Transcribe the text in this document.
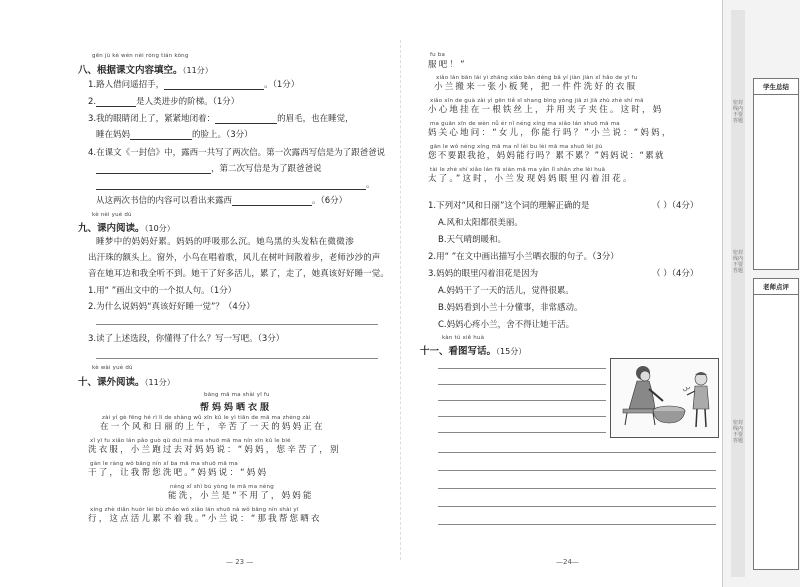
gēn jù kè wén nèi róng tián kòng
八、根据课文内容填空。（11分）
1.路人借问遥招手，	。（1分）
2.	是人类进步的阶梯。（1分）
3.我的眼睛闭上了，紧紧地闭着：	的眉毛，也在睡觉，
睡在妈妈	的脸上。（3分）
4.在课文《一封信》中，露西一共写了两次信。第一次露西写信是为了跟爸爸说
，第二次写信是为了跟爸爸说
。
从这两次书信的内容可以看出来露西	。（6分）
kè nèi yuè dú
九、课内阅读。（10分）
睡梦中的妈妈好累。妈妈的呼吸那么沉。她鸟黑的头发粘在微微渗
出汗珠的额头上。窗外，小鸟在唱着歌，风儿在树叶间散着步，老师沙沙的声
音在她耳边和我全听不到。她干了好多活儿，累了，走了，她真该好好睡一觉。
1.用“ ”画出文中的一个拟人句。（1分）
2.为什么说妈妈“真该好好睡一觉”？（4分）
3.读了上述选段，你懂得了什么？写一写吧。（3分）
kè wài yuè dú
十、课外阅读。（11分）
bāng mā ma shài yī fu
帮妈妈晒衣服
zài yí gè fēng hé rì lì de shàng wǔ xīn kǔ le yì tiān de mā ma zhèng zài
在一个风和日丽的上午，辛苦了一天的妈妈正在
xǐ yī fu xiǎo lán pǎo guò qù duì mā ma shuō mā ma nín xīn kǔ le bié
洗衣服，小兰跑过去对妈妈说：“妈妈，您辛苦了，别
gàn le ràng wǒ bāng nín xǐ ba mā ma shuō mā ma
干了，让我帮您洗吧。”妈妈说：“妈妈
néng xǐ shì bú yòng le mā ma néng
能洗，小兰是“不用了，妈妈能
xíng zhè diǎn huór lèi bù zhǎo wǒ xiǎo lán shuō nà wǒ bāng nín shài yī
行，这点活儿累不着我。”小兰说：“那我帮您晒衣
— 23 —
fu ba
服吧！”
xiǎo lán bān lái yì zhāng xiǎo bǎn dèng bǎ yí jiàn jiàn xǐ hǎo de yī fu
小兰搬来一张小板凳，把一件件洗好的衣服
xiǎo xīn de guà zài yì gēn tiě sī shang bìng yòng jiā zi jiā zhù zhè shí mā
小心地挂在一根铁丝上，并用夹子夹住。这时，妈
ma guān xīn de wèn nǚ ér nǐ néng xíng ma xiǎo lán shuō mā ma
妈关心地问：“女儿，你能行吗？”小兰说：“妈妈，
gān le wǒ néng xíng mā ma nǐ lèi bu lèi mā ma shuō lèi jiù
您不要跟我抢，妈妈能行吗？累不累？”妈妈说：“累就
tài le zhè shí xiǎo lán fā xiàn mā ma yǎn lǐ shǎn zhe lèi huā
太了。”这时，小兰发现妈妈眼里闪着泪花。
1.下列对“风和日丽”这个词的理解正确的是	（ ）（4分）
A.风和太阳都很美丽。
B.天气晴朗暖和。
2.用“ ”在文中画出描写小兰晒衣服的句子。（3分）
3.妈妈的眼里闪着泪花是因为	（ ）（4分）
A.妈妈干了一天的活儿，觉得很累。
B.妈妈看到小兰十分懂事，非常感动。
C.妈妈心疼小兰，舍不得让她干活。
kàn tú xiě huà
十一、看图写话。（15分）
—24—
密封线内不要答题
密封线内不要答题
密封线内不要答题
学生总结
老师点评
